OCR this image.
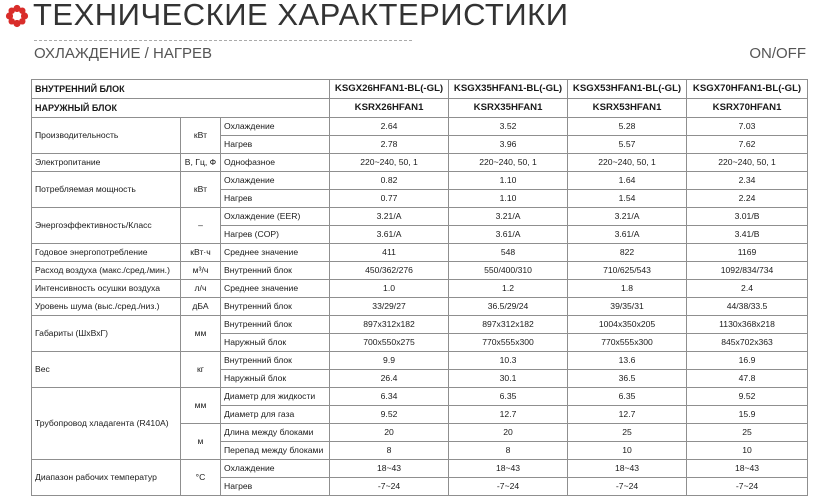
ТЕХНИЧЕСКИЕ ХАРАКТЕРИСТИКИ
ОХЛАЖДЕНИЕ / НАГРЕВ	ON/OFF
ВНУТРЕННИЙ БЛОК			KSGX26HFAN1-BL(-GL)	KSGX35HFAN1-BL(-GL)	KSGX53HFAN1-BL(-GL)	KSGX70HFAN1-BL(-GL)
НАРУЖНЫЙ БЛОК			KSRX26HFAN1	KSRX35HFAN1	KSRX53HFAN1	KSRX70HFAN1
Производительность	кВт	Охлаждение	2.64	3.52	5.28	7.03
		Нагрев	2.78	3.96	5.57	7.62
Электропитание	В, Гц, Ф	Однофазное	220~240, 50, 1	220~240, 50, 1	220~240, 50, 1	220~240, 50, 1
Потребляемая мощность	кВт	Охлаждение	0.82	1.10	1.64	2.34
		Нагрев	0.77	1.10	1.54	2.24
Энергоэффективность/Класс	–	Охлаждение (EER)	3.21/A	3.21/A	3.21/A	3.01/B
		Нагрев (COP)	3.61/A	3.61/A	3.61/A	3.41/B
Годовое энергопотребление	кВт·ч	Среднее значение	411	548	822	1169
Расход воздуха (макс./сред./мин.)	м³/ч	Внутренний блок	450/362/276	550/400/310	710/625/543	1092/834/734
Интенсивность осушки воздуха	л/ч	Среднее значение	1.0	1.2	1.8	2.4
Уровень шума (выс./сред./низ.)	дБА	Внутренний блок	33/29/27	36.5/29/24	39/35/31	44/38/33.5
Габариты (ШхВхГ)	мм	Внутренний блок	897x312x182	897x312x182	1004x350x205	1130x368x218
		Наружный блок	700x550x275	770x555x300	770x555x300	845x702x363
Вес	кг	Внутренний блок	9.9	10.3	13.6	16.9
		Наружный блок	26.4	30.1	36.5	47.8
Трубопровод хладагента (R410A)	мм	Диаметр для жидкости	6.34	6.35	6.35	9.52
		Диаметр для газа	9.52	12.7	12.7	15.9
	м	Длина между блоками	20	20	25	25
		Перепад между блоками	8	8	10	10
Диапазон рабочих температур	°C	Охлаждение	18~43	18~43	18~43	18~43
		Нагрев	-7~24	-7~24	-7~24	-7~24
